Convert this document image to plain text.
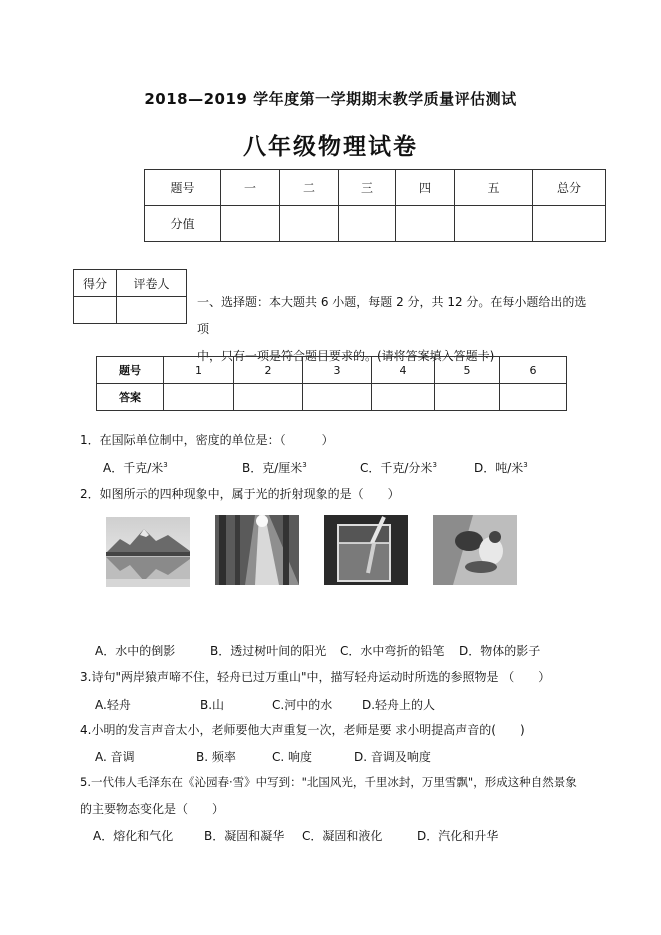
2018—2019 学年度第一学期期末教学质量评估测试
八年级物理试卷
题号	一	二	三	四	五	总分
分值						
得分	评卷人

一、选择题：本大题共 6 小题，每题 2 分，共 12 分。在每小题给出的选项
中，只有一项是符合题目要求的。(请将答案填入答题卡)
题号	1	2	3	4	5	6
答案						
1．在国际单位制中，密度的单位是：（　　　）
A．千克/米$^3$	B．克/厘米$^3$	C．千克/分米$^3$	D．吨/米$^3$
2．如图所示的四种现象中，属于光的折射现象的是（　　）
A．水中的倒影	B．透过树叶间的阳光 C．水中弯折的铅笔 D．物体的影子
3.诗句"两岸猿声啼不住，轻舟已过万重山"中，描写轻舟运动时所选的参照物是 （　　）
A.轻舟	B.山	C.河中的水 D.轻舟上的人
4.小明的发言声音太小，老师要他大声重复一次，老师是要 求小明提高声音的(　　)
A. 音调	B. 频率	C. 响度	D. 音调及响度
5.一代伟人毛泽东在《沁园春·雪》中写到："北国风光，千里冰封，万里雪飘"，形成这种自然景象
的主要物态变化是（　　）
A．熔化和气化	B．凝固和凝华 C．凝固和液化	D．汽化和升华
